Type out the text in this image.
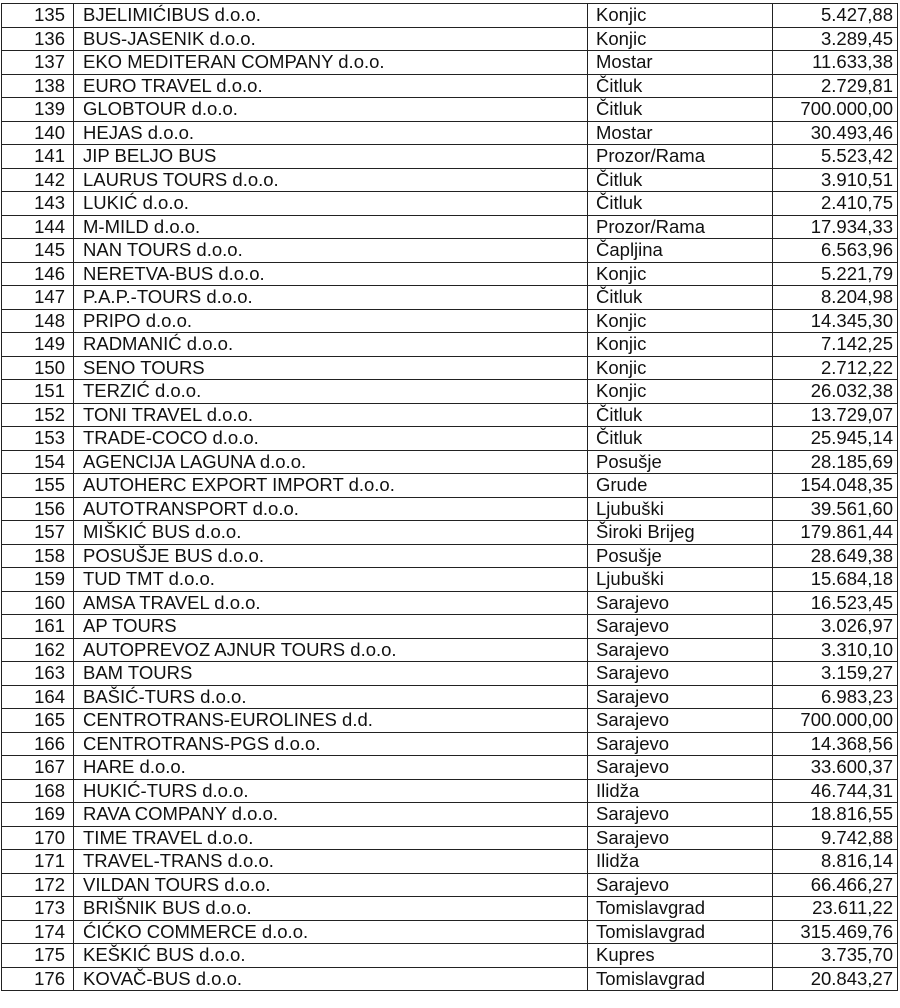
135	BJELIMIĆIBUS d.o.o.	Konjic	5.427,88
136	BUS-JASENIK d.o.o.	Konjic	3.289,45
137	EKO MEDITERAN COMPANY d.o.o.	Mostar	11.633,38
138	EURO TRAVEL d.o.o.	Čitluk	2.729,81
139	GLOBTOUR d.o.o.	Čitluk	700.000,00
140	HEJAS d.o.o.	Mostar	30.493,46
141	JIP BELJO BUS	Prozor/Rama	5.523,42
142	LAURUS TOURS d.o.o.	Čitluk	3.910,51
143	LUKIĆ d.o.o.	Čitluk	2.410,75
144	M-MILD d.o.o.	Prozor/Rama	17.934,33
145	NAN TOURS d.o.o.	Čapljina	6.563,96
146	NERETVA-BUS d.o.o.	Konjic	5.221,79
147	P.A.P.-TOURS d.o.o.	Čitluk	8.204,98
148	PRIPO d.o.o.	Konjic	14.345,30
149	RADMANIĆ d.o.o.	Konjic	7.142,25
150	SENO TOURS	Konjic	2.712,22
151	TERZIĆ d.o.o.	Konjic	26.032,38
152	TONI TRAVEL d.o.o.	Čitluk	13.729,07
153	TRADE-COCO d.o.o.	Čitluk	25.945,14
154	AGENCIJA LAGUNA d.o.o.	Posušje	28.185,69
155	AUTOHERC EXPORT IMPORT d.o.o.	Grude	154.048,35
156	AUTOTRANSPORT d.o.o.	Ljubuški	39.561,60
157	MIŠKIĆ BUS d.o.o.	Široki Brijeg	179.861,44
158	POSUŠJE BUS d.o.o.	Posušje	28.649,38
159	TUD TMT d.o.o.	Ljubuški	15.684,18
160	AMSA TRAVEL d.o.o.	Sarajevo	16.523,45
161	AP TOURS	Sarajevo	3.026,97
162	AUTOPREVOZ AJNUR TOURS d.o.o.	Sarajevo	3.310,10
163	BAM TOURS	Sarajevo	3.159,27
164	BAŠIĆ-TURS d.o.o.	Sarajevo	6.983,23
165	CENTROTRANS-EUROLINES d.d.	Sarajevo	700.000,00
166	CENTROTRANS-PGS d.o.o.	Sarajevo	14.368,56
167	HARE d.o.o.	Sarajevo	33.600,37
168	HUKIĆ-TURS d.o.o.	Ilidža	46.744,31
169	RAVA COMPANY d.o.o.	Sarajevo	18.816,55
170	TIME TRAVEL d.o.o.	Sarajevo	9.742,88
171	TRAVEL-TRANS d.o.o.	Ilidža	8.816,14
172	VILDAN TOURS d.o.o.	Sarajevo	66.466,27
173	BRIŠNIK BUS d.o.o.	Tomislavgrad	23.611,22
174	ĆIĆKO COMMERCE d.o.o.	Tomislavgrad	315.469,76
175	KEŠKIĆ BUS d.o.o.	Kupres	3.735,70
176	KOVAČ-BUS d.o.o.	Tomislavgrad	20.843,27
